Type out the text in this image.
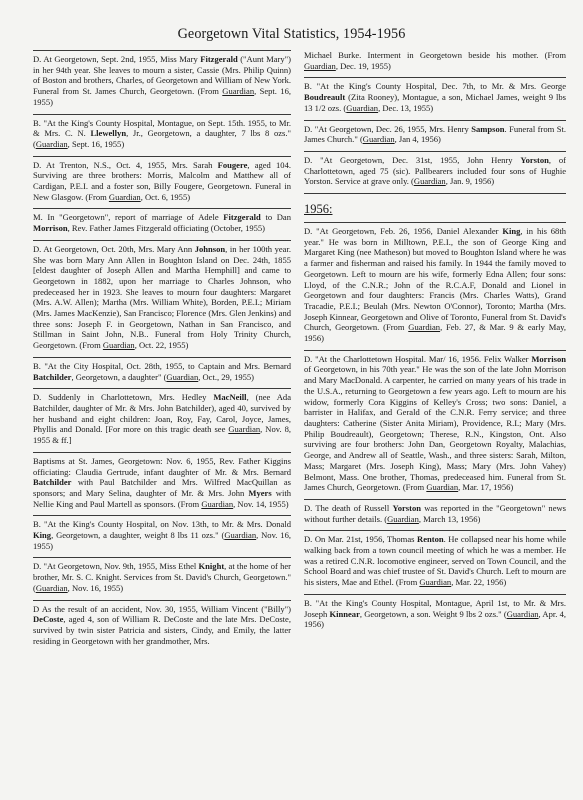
Georgetown Vital Statistics, 1954-1956
D. At Georgetown, Sept. 2nd, 1955, Miss Mary Fitzgerald ("Aunt Mary") in her 94th year. She leaves to mourn a sister, Cassie (Mrs. Philip Quinn) of Boston and brothers, Charles, of Georgetown and William of New York. Funeral from St. James Church, Georgetown. (From Guardian, Sept. 16, 1955)
B. "At the King's County Hospital, Montague, on Sept. 15th. 1955, to Mr. & Mrs. C. N. Llewellyn, Jr., Georgetown, a daughter, 7 lbs 8 ozs." (Guardian, Sept. 16, 1955)
D. At Trenton, N.S., Oct. 4, 1955, Mrs. Sarah Fougere, aged 104. Surviving are three brothers: Morris, Malcolm and Matthew all of Cardigan, P.E.I. and a foster son, Billy Fougere, Georgetown. Funeral in New Glasgow. (From Guardian, Oct. 6, 1955)
M. In "Georgetown", report of marriage of Adele Fitzgerald to Dan Morrison, Rev. Father James Fitzgerald officiating (October, 1955)
D. At Georgetown, Oct. 20th, Mrs. Mary Ann Johnson, in her 100th year. She was born Mary Ann Allen in Boughton Island on Dec. 24th, 1855 [eldest daughter of Joseph Allen and Martha Hemphill] and came to Georgetown in 1882, upon her marriage to Charles Johnson, who predeceased her in 1923. She leaves to mourn four daughters: Margaret (Mrs. A.W. Allen); Martha (Mrs. William White), Borden, P.E.I.; Miriam (Mrs. James MacKenzie), San Francisco; Florence (Mrs. Glen Jenkins) and three sons: Joseph F. in Georgetown, Nathan in San Francisco, and Stillman in Saint John, N.B.. Funeral from Holy Trinity Church, Georgetown. (From Guardian, Oct. 22, 1955)
B. "At the City Hospital, Oct. 28th, 1955, to Captain and Mrs. Bernard Batchilder, Georgetown, a daughter" (Guardian, Oct., 29, 1955)
D. Suddenly in Charlottetown, Mrs. Hedley MacNeill, (nee Ada Batchilder, daughter of Mr. & Mrs. John Batchilder), aged 40, survived by her husband and eight children: Joan, Roy, Fay, Carol, Joyce, James, Phyllis and Donald. [For more on this tragic death see Guardian, Nov. 8, 1955 & ff.]
Baptisms at St. James, Georgetown: Nov. 6, 1955, Rev. Father Kiggins officiating: Claudia Gertrude, infant daughter of Mr. & Mrs. Bernard Batchilder with Paul Batchilder and Mrs. Wilfred MacQuillan as sponsors; and Mary Selina, daughter of Mr. & Mrs. John Myers with Nellie King and Paul Martell as sponsors. (From Guardian, Nov. 14, 1955)
B. "At the King's County Hospital, on Nov. 13th, to Mr. & Mrs. Donald King, Georgetown, a daughter, weight 8 lbs 11 ozs." (Guardian, Nov. 16, 1955)
D. "At Georgetown, Nov. 9th, 1955, Miss Ethel Knight, at the home of her brother, Mr. S. C. Knight. Services from St. David's Church, Georgetown." (Guardian, Nov. 16, 1955)
D As the result of an accident, Nov. 30, 1955, William Vincent ("Billy") DeCoste, aged 4, son of William R. DeCoste and the late Mrs. DeCoste, survived by twin sister Patricia and sisters, Cindy, and Emily, the latter residing in Georgetown with her grandmother, Mrs.
Michael Burke. Interment in Georgetown beside his mother. (From Guardian, Dec. 19, 1955)
B. "At the King's County Hospital, Dec. 7th, to Mr. & Mrs. George Boudreault (Zita Rooney), Montague, a son, Michael James, weight 9 lbs 13 1/2 ozs. (Guardian, Dec. 13, 1955)
D. "At Georgetown, Dec. 26, 1955, Mrs. Henry Sampson. Funeral from St. James Church." (Guardian, Jan 4, 1956)
D. "At Georgetown, Dec. 31st, 1955, John Henry Yorston, of Charlottetown, aged 75 (sic). Pallbearers included four sons of Hughie Yorston. Service at grave only. (Guardian, Jan. 9, 1956)
1956:
D. "At Georgetown, Feb. 26, 1956, Daniel Alexander King, in his 68th year." He was born in Milltown, P.E.I., the son of George King and Margaret King (nee Matheson) but moved to Boughton Island where he was a farmer and fisherman and raised his family. In 1944 the family moved to Georgetown. Left to mourn are his wife, formerly Edna Allen; four sons: Lloyd, of the C.N.R.; John of the R.C.A.F, Donald and Lionel in Georgetown and four daughters: Francis (Mrs. Charles Watts), Grand Tracadie, P.E.I.; Beulah (Mrs. Newton O'Connor), Toronto; Martha (Mrs. Joseph Kinnear, Georgetown and Olive of Toronto, Funeral from St. David's Church, Georgetown. (From Guardian, Feb. 27, & Mar. 9 & early May, 1956)
D. "At the Charlottetown Hospital. Mar/ 16, 1956. Felix Walker Morrison of Georgetown, in his 70th year." He was the son of the late John Morrison and Mary MacDonald. A carpenter, he carried on many years of his trade in the U.S.A., returning to Georgetown a few years ago. Left to mourn are his widow, formerly Cora Kiggins of Kelley's Cross; two sons: Daniel, a barrister in Halifax, and Gerald of the C.N.R. Ferry service; and three daughters: Catherine (Sister Anita Miriam), Providence, R.I.; Mary (Mrs. Philip Boudreault), Georgetown; Therese, R.N., Kingston, Ont. Also surviving are four brothers: John Dan, Georgetown Royalty, Malachias, George, and Andrew all of Seattle, Wash., and three sisters: Sarah, Milton, Mass; Margaret (Mrs. Joseph King), Mass; Mary (Mrs. John Vahey) Belmont, Mass. One brother, Thomas, predeceased him. Funeral from St. James Church, Georgetown. (From Guardian, Mar. 17, 1956)
D. The death of Russell Yorston was reported in the "Georgetown" news without further details. (Guardian, March 13, 1956)
D. On Mar. 21st, 1956, Thomas Renton. He collapsed near his home while walking back from a town council meeting of which he was a member. He was a retired C.N.R. locomotive engineer, served on Town Council, and the School Board and was chief trustee of St. David's Church. Left to mourn are his sisters, Mae and Ethel. (From Guardian, Mar. 22, 1956)
B. "At the King's County Hospital, Montague, April 1st, to Mr. & Mrs. Joseph Kinnear, Georgetown, a son. Weight 9 lbs 2 ozs." (Guardian, Apr. 4, 1956)
